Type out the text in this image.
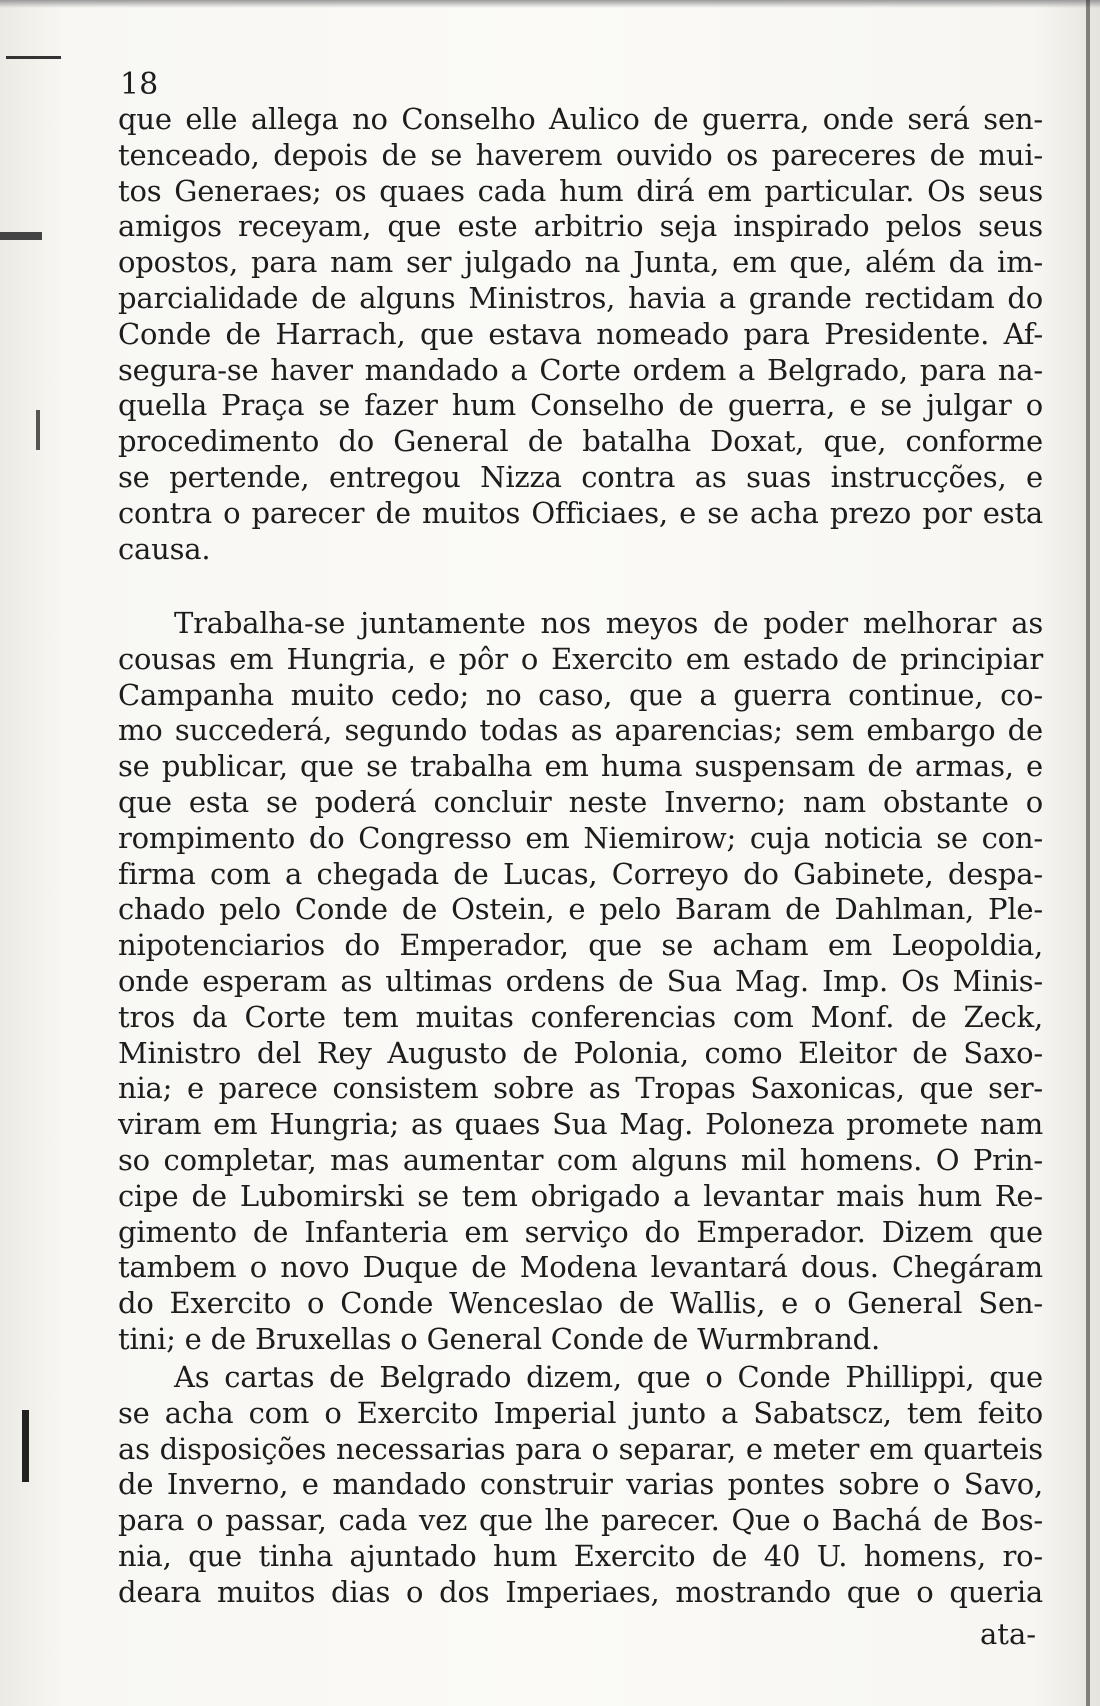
18
que elle allega no Conselho Aulico de guerra, onde será sen-
tenceado, depois de se haverem ouvido os pareceres de mui-
tos Generaes; os quaes cada hum dirá em particular. Os seus
amigos receyam, que este arbitrio seja inspirado pelos seus
opostos, para nam ser julgado na Junta, em que, além da im-
parcialidade de alguns Ministros, havia a grande rectidam do
Conde de Harrach, que estava nomeado para Presidente. Af-
segura-se haver mandado a Corte ordem a Belgrado, para na-
quella Praça se fazer hum Conselho de guerra, e se julgar o
procedimento do General de batalha Doxat, que, conforme
se pertende, entregou Nizza contra as suas instrucções, e
contra o parecer de muitos Officiaes, e se acha prezo por esta
causa.
Trabalha-se juntamente nos meyos de poder melhorar as
cousas em Hungria, e pôr o Exercito em estado de principiar
Campanha muito cedo; no caso, que a guerra continue, co-
mo succederá, segundo todas as aparencias; sem embargo de
se publicar, que se trabalha em huma suspensam de armas, e
que esta se poderá concluir neste Inverno; nam obstante o
rompimento do Congresso em Niemirow; cuja noticia se con-
firma com a chegada de Lucas, Correyo do Gabinete, despa-
chado pelo Conde de Ostein, e pelo Baram de Dahlman, Ple-
nipotenciarios do Emperador, que se acham em Leopoldia,
onde esperam as ultimas ordens de Sua Mag. Imp. Os Minis-
tros da Corte tem muitas conferencias com Monf. de Zeck,
Ministro del Rey Augusto de Polonia, como Eleitor de Saxo-
nia; e parece consistem sobre as Tropas Saxonicas, que ser-
viram em Hungria; as quaes Sua Mag. Poloneza promete nam
so completar, mas aumentar com alguns mil homens. O Prin-
cipe de Lubomirski se tem obrigado a levantar mais hum Re-
gimento de Infanteria em serviço do Emperador. Dizem que
tambem o novo Duque de Modena levantará dous. Chegáram
do Exercito o Conde Wenceslao de Wallis, e o General Sen-
tini; e de Bruxellas o General Conde de Wurmbrand.
As cartas de Belgrado dizem, que o Conde Phillippi, que
se acha com o Exercito Imperial junto a Sabatscz, tem feito
as disposições necessarias para o separar, e meter em quarteis
de Inverno, e mandado construir varias pontes sobre o Savo,
para o passar, cada vez que lhe parecer. Que o Bachá de Bos-
nia, que tinha ajuntado hum Exercito de 40 U. homens, ro-
deara muitos dias o dos Imperiaes, mostrando que o queria
ata-
